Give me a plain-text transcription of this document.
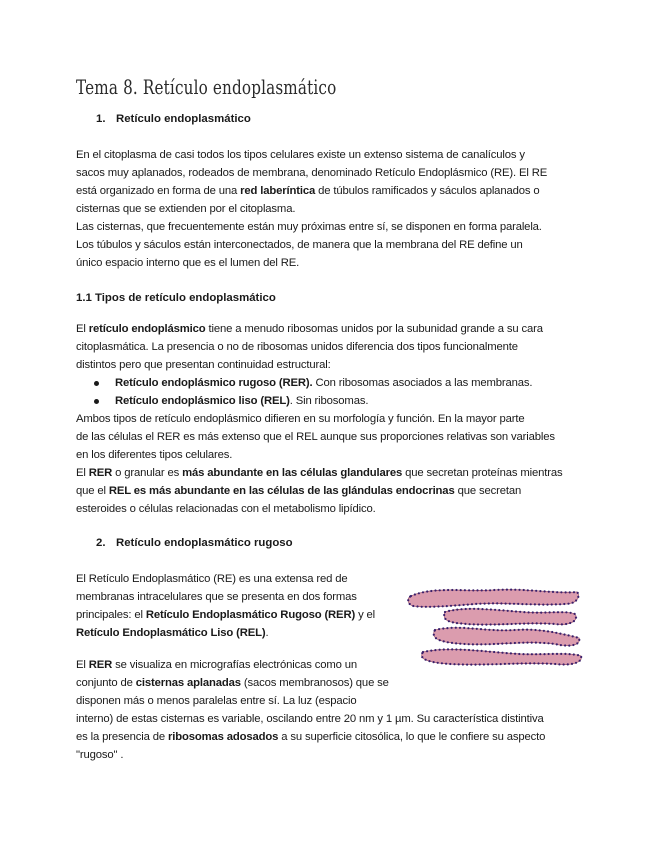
Tema 8. Retículo endoplasmático
1. Retículo endoplasmático

En el citoplasma de casi todos los tipos celulares existe un extenso sistema de canalículos y

sacos muy aplanados, rodeados de membrana, denominado Retículo Endoplásmico (RE). El RE

está organizado en forma de una red laberíntica de túbulos ramificados y sáculos aplanados o

cisternas que se extienden por el citoplasma.

Las cisternas, que frecuentemente están muy próximas entre sí, se disponen en forma paralela.

Los túbulos y sáculos están interconectados, de manera que la membrana del RE define un

único espacio interno que es el lumen del RE.

1.1 Tipos de retículo endoplasmático

El retículo endoplásmico tiene a menudo ribosomas unidos por la subunidad grande a su cara

citoplasmática. La presencia o no de ribosomas unidos diferencia dos tipos funcionalmente

distintos pero que presentan continuidad estructural:

Retículo endoplásmico rugoso (RER). Con ribosomas asociados a las membranas.
Retículo endoplásmico liso (REL). Sin ribosomas.

Ambos tipos de retículo endoplásmico difieren en su morfología y función. En la mayor parte

de las células el RER es más extenso que el REL aunque sus proporciones relativas son variables

en los diferentes tipos celulares.

El RER o granular es más abundante en las células glandulares que secretan proteínas mientras

que el REL es más abundante en las células de las glándulas endocrinas que secretan

esteroides o células relacionadas con el metabolismo lipídico.

2. Retículo endoplasmático rugoso

El Retículo Endoplasmático (RE) es una extensa red de

membranas intracelulares que se presenta en dos formas

principales: el Retículo Endoplasmático Rugoso (RER) y el

Retículo Endoplasmático Liso (REL).

El RER se visualiza en micrografías electrónicas como un

conjunto de cisternas aplanadas (sacos membranosos) que se

disponen más o menos paralelas entre sí. La luz (espacio

interno) de estas cisternas es variable, oscilando entre 20 nm y 1 µm. Su característica distintiva

es la presencia de ribosomas adosados a su superficie citosólica, lo que le confiere su aspecto

"rugoso" .
